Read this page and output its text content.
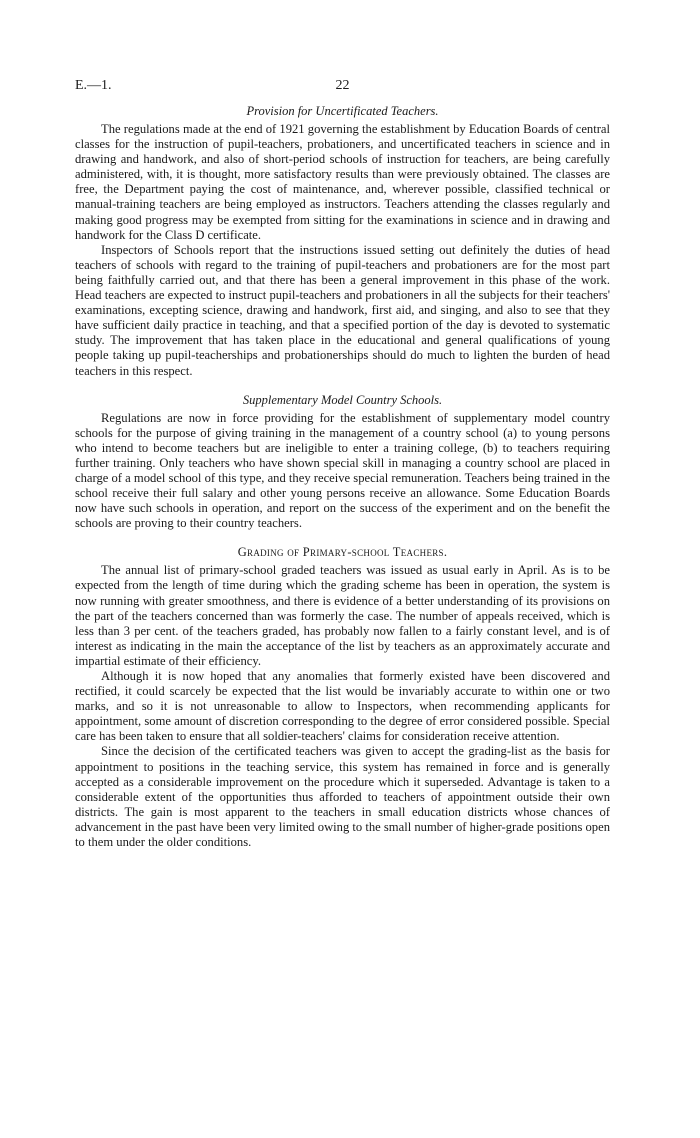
E.—1.	22
Provision for Uncertificated Teachers.

The regulations made at the end of 1921 governing the establishment by Education Boards of central classes for the instruction of pupil-teachers, probationers, and uncertificated teachers in science and in drawing and handwork, and also of short-period schools of instruction for teachers, are being carefully administered, with, it is thought, more satisfactory results than were previously obtained. The classes are free, the Department paying the cost of maintenance, and, wherever possible, classified technical or manual-training teachers are being employed as instructors. Teachers attending the classes regularly and making good progress may be exempted from sitting for the examinations in science and in drawing and handwork for the Class D certificate.

Inspectors of Schools report that the instructions issued setting out definitely the duties of head teachers of schools with regard to the training of pupil-teachers and probationers are for the most part being faithfully carried out, and that there has been a general improvement in this phase of the work. Head teachers are expected to instruct pupil-teachers and probationers in all the subjects for their teachers' examinations, excepting science, drawing and handwork, first aid, and singing, and also to see that they have sufficient daily practice in teaching, and that a specified portion of the day is devoted to systematic study. The improvement that has taken place in the educational and general qualifications of young people taking up pupil-teacherships and probationerships should do much to lighten the burden of head teachers in this respect.

Supplementary Model Country Schools.

Regulations are now in force providing for the establishment of supplementary model country schools for the purpose of giving training in the management of a country school (a) to young persons who intend to become teachers but are ineligible to enter a training college, (b) to teachers requiring further training. Only teachers who have shown special skill in managing a country school are placed in charge of a model school of this type, and they receive special remuneration. Teachers being trained in the school receive their full salary and other young persons receive an allowance. Some Education Boards now have such schools in operation, and report on the success of the experiment and on the benefit the schools are proving to their country teachers.

Grading of Primary-school Teachers.

The annual list of primary-school graded teachers was issued as usual early in April. As is to be expected from the length of time during which the grading scheme has been in operation, the system is now running with greater smoothness, and there is evidence of a better understanding of its provisions on the part of the teachers concerned than was formerly the case. The number of appeals received, which is less than 3 per cent. of the teachers graded, has probably now fallen to a fairly constant level, and is of interest as indicating in the main the acceptance of the list by teachers as an approximately accurate and impartial estimate of their efficiency.

Although it is now hoped that any anomalies that formerly existed have been discovered and rectified, it could scarcely be expected that the list would be invariably accurate to within one or two marks, and so it is not unreasonable to allow to Inspectors, when recommending applicants for appointment, some amount of discretion corresponding to the degree of error considered possible. Special care has been taken to ensure that all soldier-teachers' claims for consideration receive attention.

Since the decision of the certificated teachers was given to accept the grading-list as the basis for appointment to positions in the teaching service, this system has remained in force and is generally accepted as a considerable improvement on the procedure which it superseded. Advantage is taken to a considerable extent of the opportunities thus afforded to teachers of appointment outside their own districts. The gain is most apparent to the teachers in small education districts whose chances of advancement in the past have been very limited owing to the small number of higher-grade positions open to them under the older conditions.
